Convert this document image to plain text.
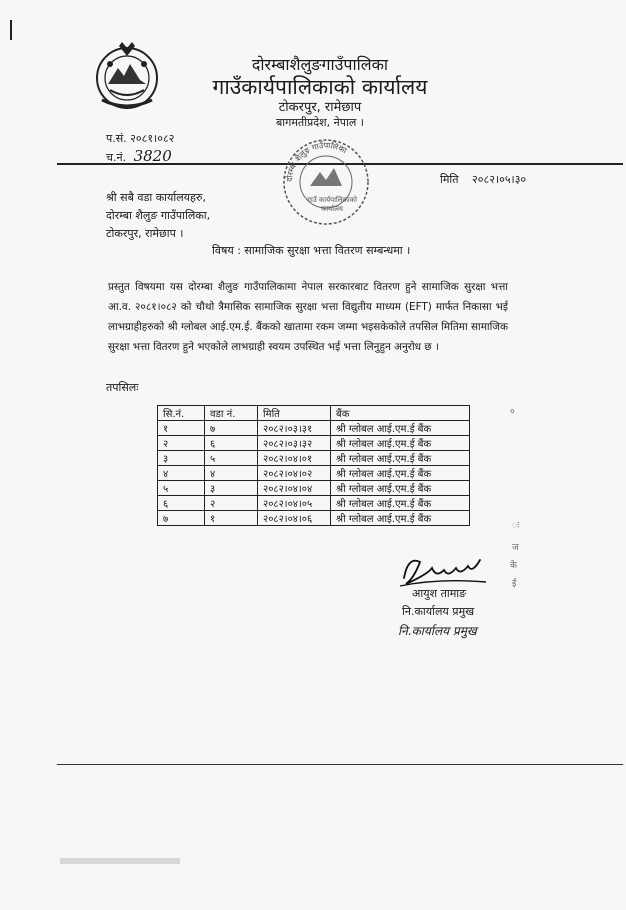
दोरम्बाशैलुङगाउँपालिका
गाउँकार्यपालिकाको कार्यालय
टोकरपुर, रामेछाप
बागमतीप्रदेश, नेपाल ।
प.सं. २०८१।०८२
च.नं. 3820
दोरम्बा शैलुङ गाउँपालिका
गाउँ कार्यपालिकाको कार्यालय
मिति २०८२।०५।३०
श्री सबै वडा कार्यालयहरु,
दोरम्बा शैलुङ गाउँपालिका,
टोकरपुर, रामेछाप ।
विषय : सामाजिक सुरक्षा भत्ता वितरण सम्बन्धमा ।
प्रस्तुत विषयमा यस दोरम्बा शैलुङ गाउँपालिकामा नेपाल सरकारबाट वितरण हुने सामाजिक सुरक्षा भत्ता आ.व. २०८१।०८२ को चौथो त्रैमासिक सामाजिक सुरक्षा भत्ता विद्युतीय माध्यम (EFT) मार्फत निकासा भई लाभग्राहीहरुको श्री ग्लोबल आई.एम.ई. बैंकको खातामा रकम जम्मा भइसकेकोले तपसिल मितिमा सामाजिक सुरक्षा भत्ता वितरण हुने भएकोले लाभग्राही स्वयम उपस्थित भई भत्ता लिनुहुन अनुरोध छ ।
तपसिलः
सि.नं.	वडा नं.	मिति	बैंक
१	७	२०८२।०३।३१	श्री ग्लोबल आई.एम.ई बैंक
२	६	२०८२।०३।३२	श्री ग्लोबल आई.एम.ई बैंक
३	५	२०८२।०४।०१	श्री ग्लोबल आई.एम.ई बैंक
४	४	२०८२।०४।०२	श्री ग्लोबल आई.एम.ई बैंक
५	३	२०८२।०४।०४	श्री ग्लोबल आई.एम.ई बैंक
६	२	२०८२।०४।०५	श्री ग्लोबल आई.एम.ई बैंक
७	१	२०८२।०४।०६	श्री ग्लोबल आई.एम.ई बैंक
०
ः
ज
के
ई
आयुश तामाङ
नि.कार्यालय प्रमुख
नि.कार्यालय प्रमुख
